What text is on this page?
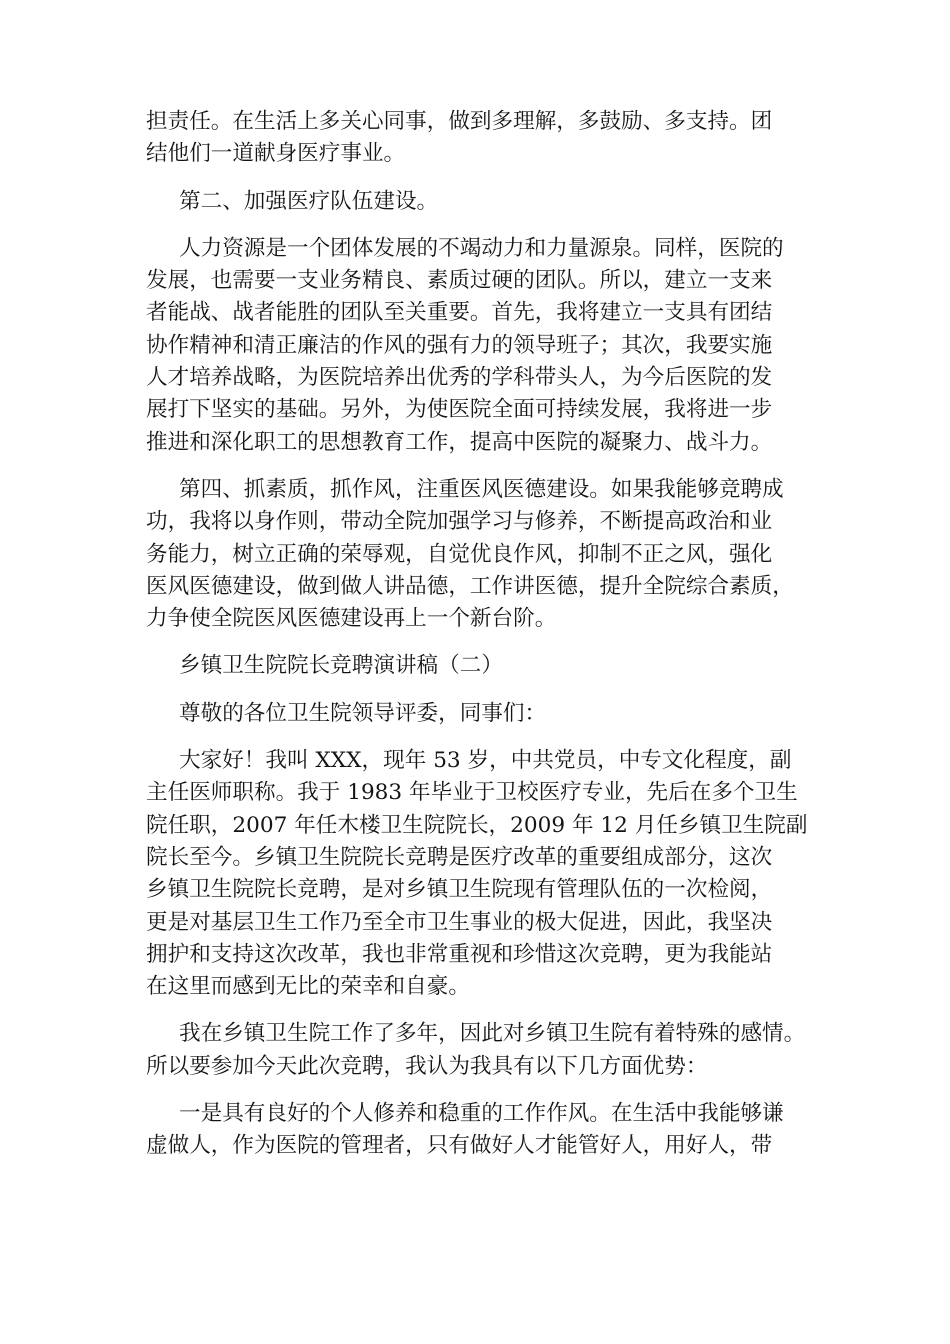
担责任。在生活上多关心同事，做到多理解，多鼓励、多支持。团
结他们一道献身医疗事业。
第二、加强医疗队伍建设。
人力资源是一个团体发展的不竭动力和力量源泉。同样，医院的
发展，也需要一支业务精良、素质过硬的团队。所以，建立一支来
者能战、战者能胜的团队至关重要。首先，我将建立一支具有团结
协作精神和清正廉洁的作风的强有力的领导班子；其次，我要实施
人才培养战略，为医院培养出优秀的学科带头人，为今后医院的发
展打下坚实的基础。另外，为使医院全面可持续发展，我将进一步
推进和深化职工的思想教育工作，提高中医院的凝聚力、战斗力。
第四、抓素质，抓作风，注重医风医德建设。如果我能够竞聘成
功，我将以身作则，带动全院加强学习与修养，不断提高政治和业
务能力，树立正确的荣辱观，自觉优良作风，抑制不正之风，强化
医风医德建设，做到做人讲品德，工作讲医德，提升全院综合素质，
力争使全院医风医德建设再上一个新台阶。
乡镇卫生院院长竞聘演讲稿（二）
尊敬的各位卫生院领导评委，同事们：
大家好！我叫 XXX，现年 53 岁，中共党员，中专文化程度，副
主任医师职称。我于 1983 年毕业于卫校医疗专业，先后在多个卫生
院任职，2007 年任木楼卫生院院长，2009 年 12 月任乡镇卫生院副
院长至今。乡镇卫生院院长竞聘是医疗改革的重要组成部分，这次
乡镇卫生院院长竞聘，是对乡镇卫生院现有管理队伍的一次检阅，
更是对基层卫生工作乃至全市卫生事业的极大促进，因此，我坚决
拥护和支持这次改革，我也非常重视和珍惜这次竞聘，更为我能站
在这里而感到无比的荣幸和自豪。
我在乡镇卫生院工作了多年，因此对乡镇卫生院有着特殊的感情。
所以要参加今天此次竞聘，我认为我具有以下几方面优势：
一是具有良好的个人修养和稳重的工作作风。在生活中我能够谦
虚做人，作为医院的管理者，只有做好人才能管好人，用好人，带
